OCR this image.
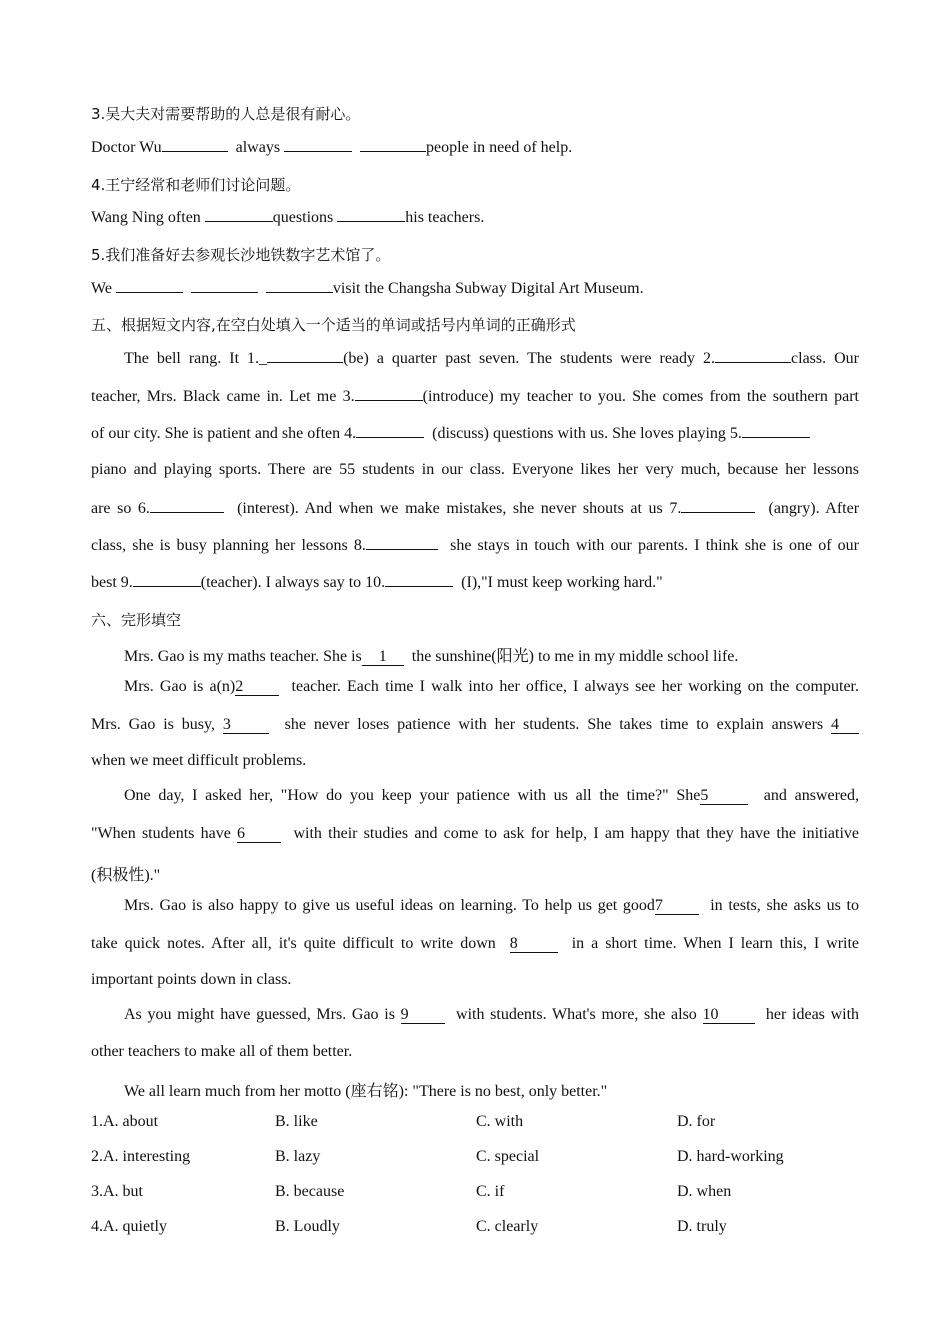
3.吴大夫对需要帮助的人总是很有耐心。
Doctor Wu	always	people in need of help.
4.王宁经常和老师们讨论问题。
Wang Ning often	questions	his teachers.
5.我们准备好去参观长沙地铁数字艺术馆了。
We	visit the Changsha Subway Digital Art Museum.
五、根据短文内容,在空白处填入一个适当的单词或括号内单词的正确形式
The bell rang. It 1._	(be) a quarter past seven. The students were ready 2.	class. Our
teacher, Mrs. Black came in. Let me 3.	(introduce) my teacher to you. She comes from the southern part
of our city. She is patient and she often 4.	(discuss) questions with us. She loves playing 5.
piano and playing sports. There are 55 students in our class. Everyone likes her very much, because her lessons
are so 6.	(interest). And when we make mistakes, she never shouts at us 7.	(angry). After
class, she is busy planning her lessons 8.	she stays in touch with our parents. I think she is one of our
best 9.	(teacher). I always say to 10.	(I),"I must keep working hard."
六、完形填空
Mrs. Gao is my maths teacher. She is 1 the sunshine(阳光) to me in my middle school life.
Mrs. Gao is a(n)2	teacher. Each time I walk into her office, I always see her working on the computer.
Mrs. Gao is busy, 3	she never loses patience with her students. She takes time to explain answers 4
when we meet difficult problems.
One day, I asked her, "How do you keep your patience with us all the time?" She5	and answered,
"When students have 6	with their studies and come to ask for help, I am happy that they have the initiative
(积极性)."
Mrs. Gao is also happy to give us useful ideas on learning. To help us get good7	in tests, she asks us to
take quick notes. After all, it's quite difficult to write down 8	in a short time. When I learn this, I write
important points down in class.
As you might have guessed, Mrs. Gao is 9	with students. What's more, she also 10	her ideas with
other teachers to make all of them better.
We all learn much from her motto (座右铭): "There is no best, only better."
1.A. about	B. like	C. with	D. for
2.A. interesting	B. lazy	C. special	D. hard-working
3.A. but	B. because	C. if	D. when
4.A. quietly	B. Loudly	C. clearly	D. truly
